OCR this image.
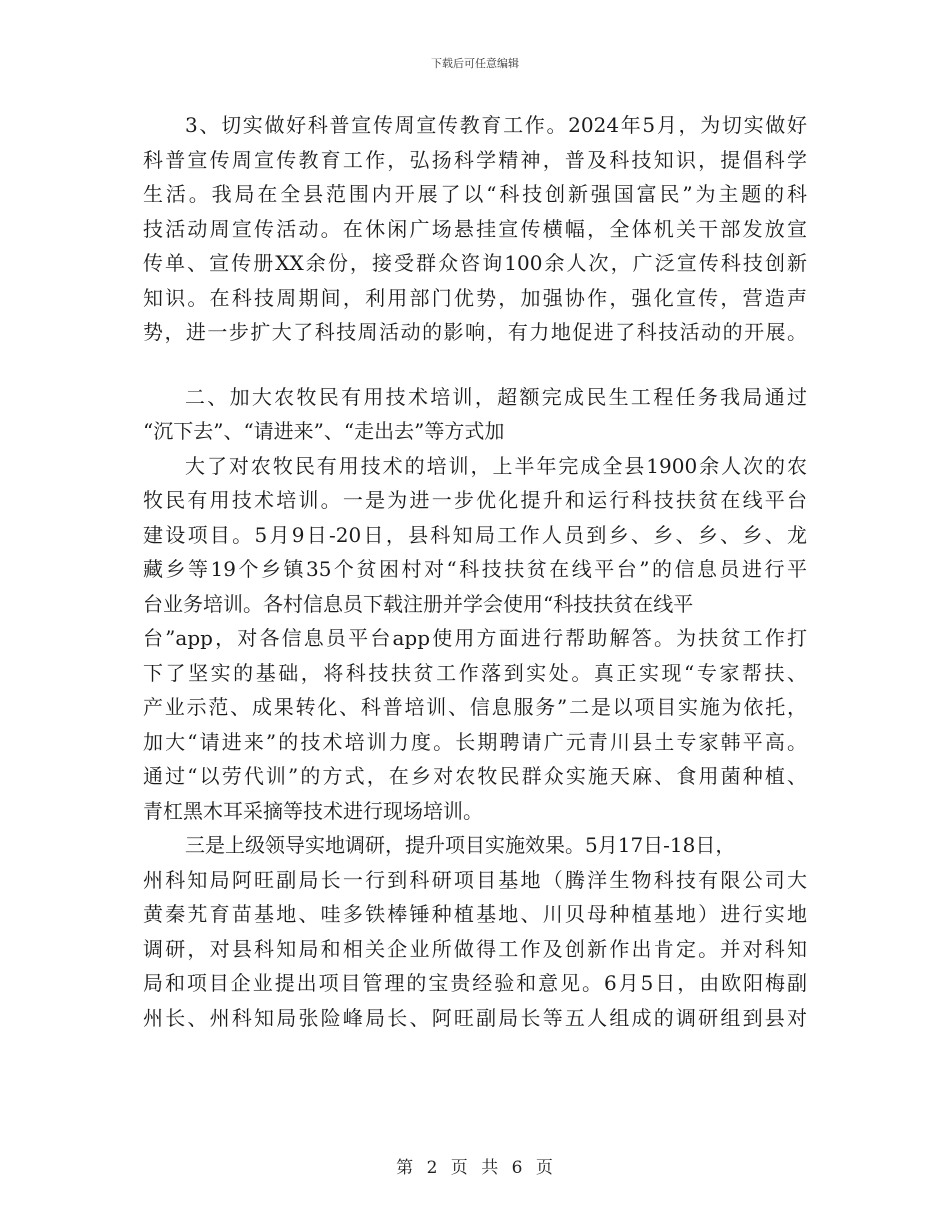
下载后可任意编辑
3、切实做好科普宣传周宣传教育工作。2024年5月，为切实做好
科普宣传周宣传教育工作，弘扬科学精神，普及科技知识，提倡科学
生活。我局在全县范围内开展了以“科技创新强国富民”为主题的科
技活动周宣传活动。在休闲广场悬挂宣传横幅，全体机关干部发放宣
传单、宣传册XX余份，接受群众咨询100余人次，广泛宣传科技创新
知识。在科技周期间，利用部门优势，加强协作，强化宣传，营造声
势，进一步扩大了科技周活动的影响，有力地促进了科技活动的开展。
二、加大农牧民有用技术培训，超额完成民生工程任务我局通过
“沉下去”、“请进来”、“走出去”等方式加
大了对农牧民有用技术的培训，上半年完成全县1900余人次的农
牧民有用技术培训。一是为进一步优化提升和运行科技扶贫在线平台
建设项目。5月9日-20日，县科知局工作人员到乡、乡、乡、乡、龙
藏乡等19个乡镇35个贫困村对“科技扶贫在线平台”的信息员进行平
台业务培训。各村信息员下载注册并学会使用“科技扶贫在线平
台”app，对各信息员平台app使用方面进行帮助解答。为扶贫工作打
下了坚实的基础，将科技扶贫工作落到实处。真正实现“专家帮扶、
产业示范、成果转化、科普培训、信息服务”二是以项目实施为依托，
加大“请进来”的技术培训力度。长期聘请广元青川县土专家韩平高。
通过“以劳代训”的方式，在乡对农牧民群众实施天麻、食用菌种植、
青杠黑木耳采摘等技术进行现场培训。
三是上级领导实地调研，提升项目实施效果。5月17日-18日，
州科知局阿旺副局长一行到科研项目基地（腾洋生物科技有限公司大
黄秦艽育苗基地、哇多铁棒锤种植基地、川贝母种植基地）进行实地
调研，对县科知局和相关企业所做得工作及创新作出肯定。并对科知
局和项目企业提出项目管理的宝贵经验和意见。6月5日，由欧阳梅副
州长、州科知局张险峰局长、阿旺副局长等五人组成的调研组到县对
第 2 页 共 6 页
